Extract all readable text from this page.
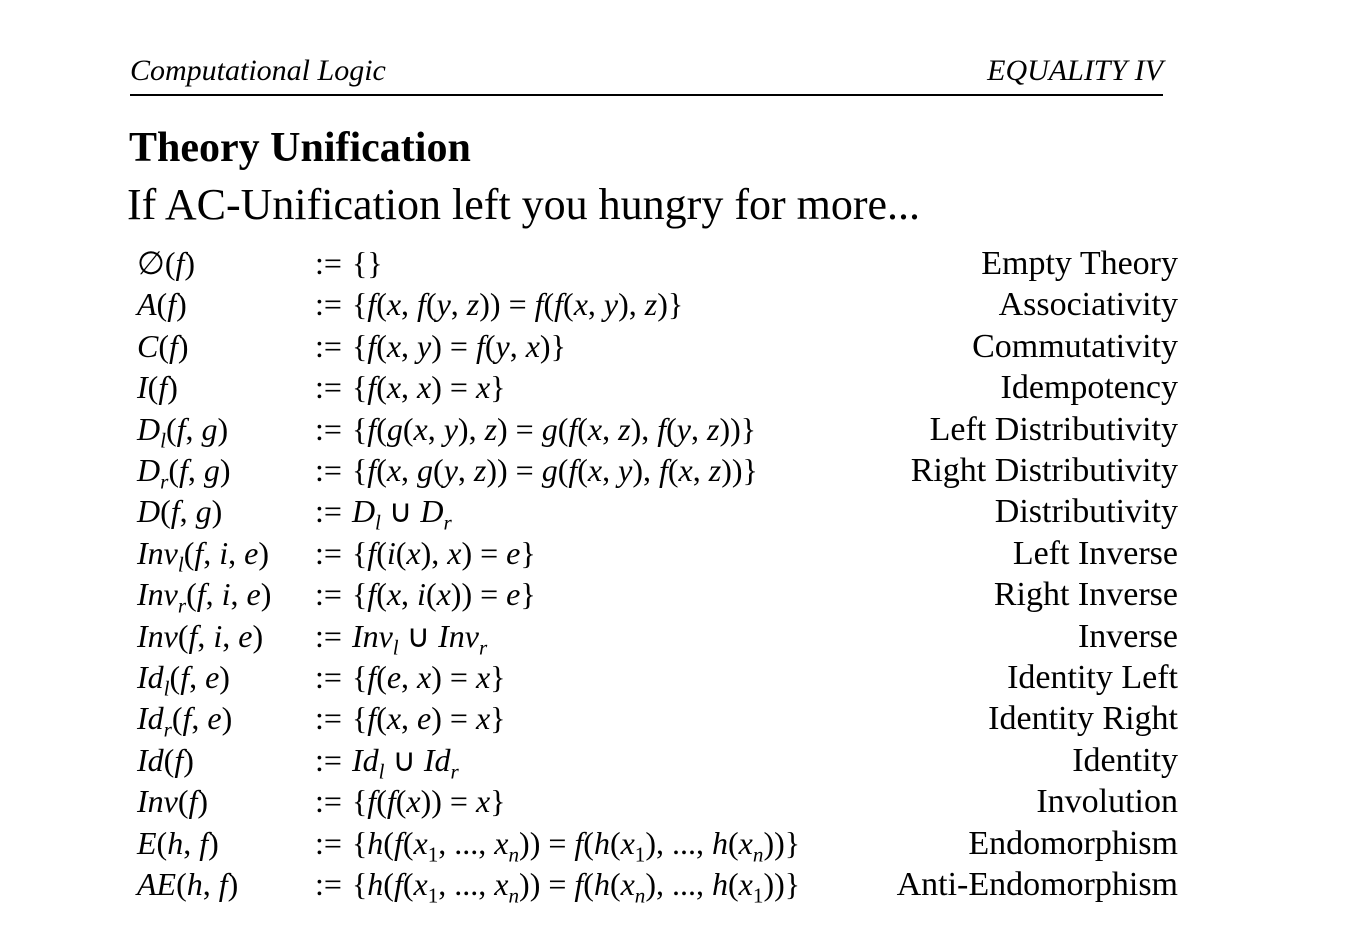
Computational Logic	EQUALITY IV
Theory Unification
If AC-Unification left you hungry for more...
∅(f)	:= {}	Empty Theory
A(f)	:= {f(x, f(y, z)) = f(f(x, y), z)}	Associativity
C(f)	:= {f(x, y) = f(y, x)}	Commutativity
I(f)	:= {f(x, x) = x}	Idempotency
$D_l(f$, g)	:= {f(g(x, y), z) = g(f(x, z), f(y, z))}	Left Distributivity
$D_r(f$, g)	:= {f(x, g(y, z)) = g(f(x, y), f(x, z))}	Right Distributivity
D(f, g)	:= $D_l$ ∪ $D_r$	Distributivity
Inv$_l$(f, i, e)	:= {f(i(x), x) = e}	Left Inverse
Inv$_r$(f, i, e)	:= {f(x, i(x)) = e}	Right Inverse
Inv(f, i, e)	:= Inv$_l$ ∪ Inv$_r$	Inverse
$Id_l(f$, e)	:= {f(e, x) = x}	Identity Left
$Id_r(f$, e)	:= {f(x, e) = x}	Identity Right
Id(f)	:= $Id_l$ ∪ $Id_r$	Identity
Inv(f)	:= {f(f(x)) = x}	Involution
E(h, f)	:= {$h(f(x_1$, ..., $x_n)) = f(h(x_1)$, ..., $h(x_n)$)}	Endomorphism
AE(h, f)	:= {$h(f(x_1$, ..., $x_n)) = f(h(x_n)$, ..., $h(x_1)$)}	Anti-Endomorphism
